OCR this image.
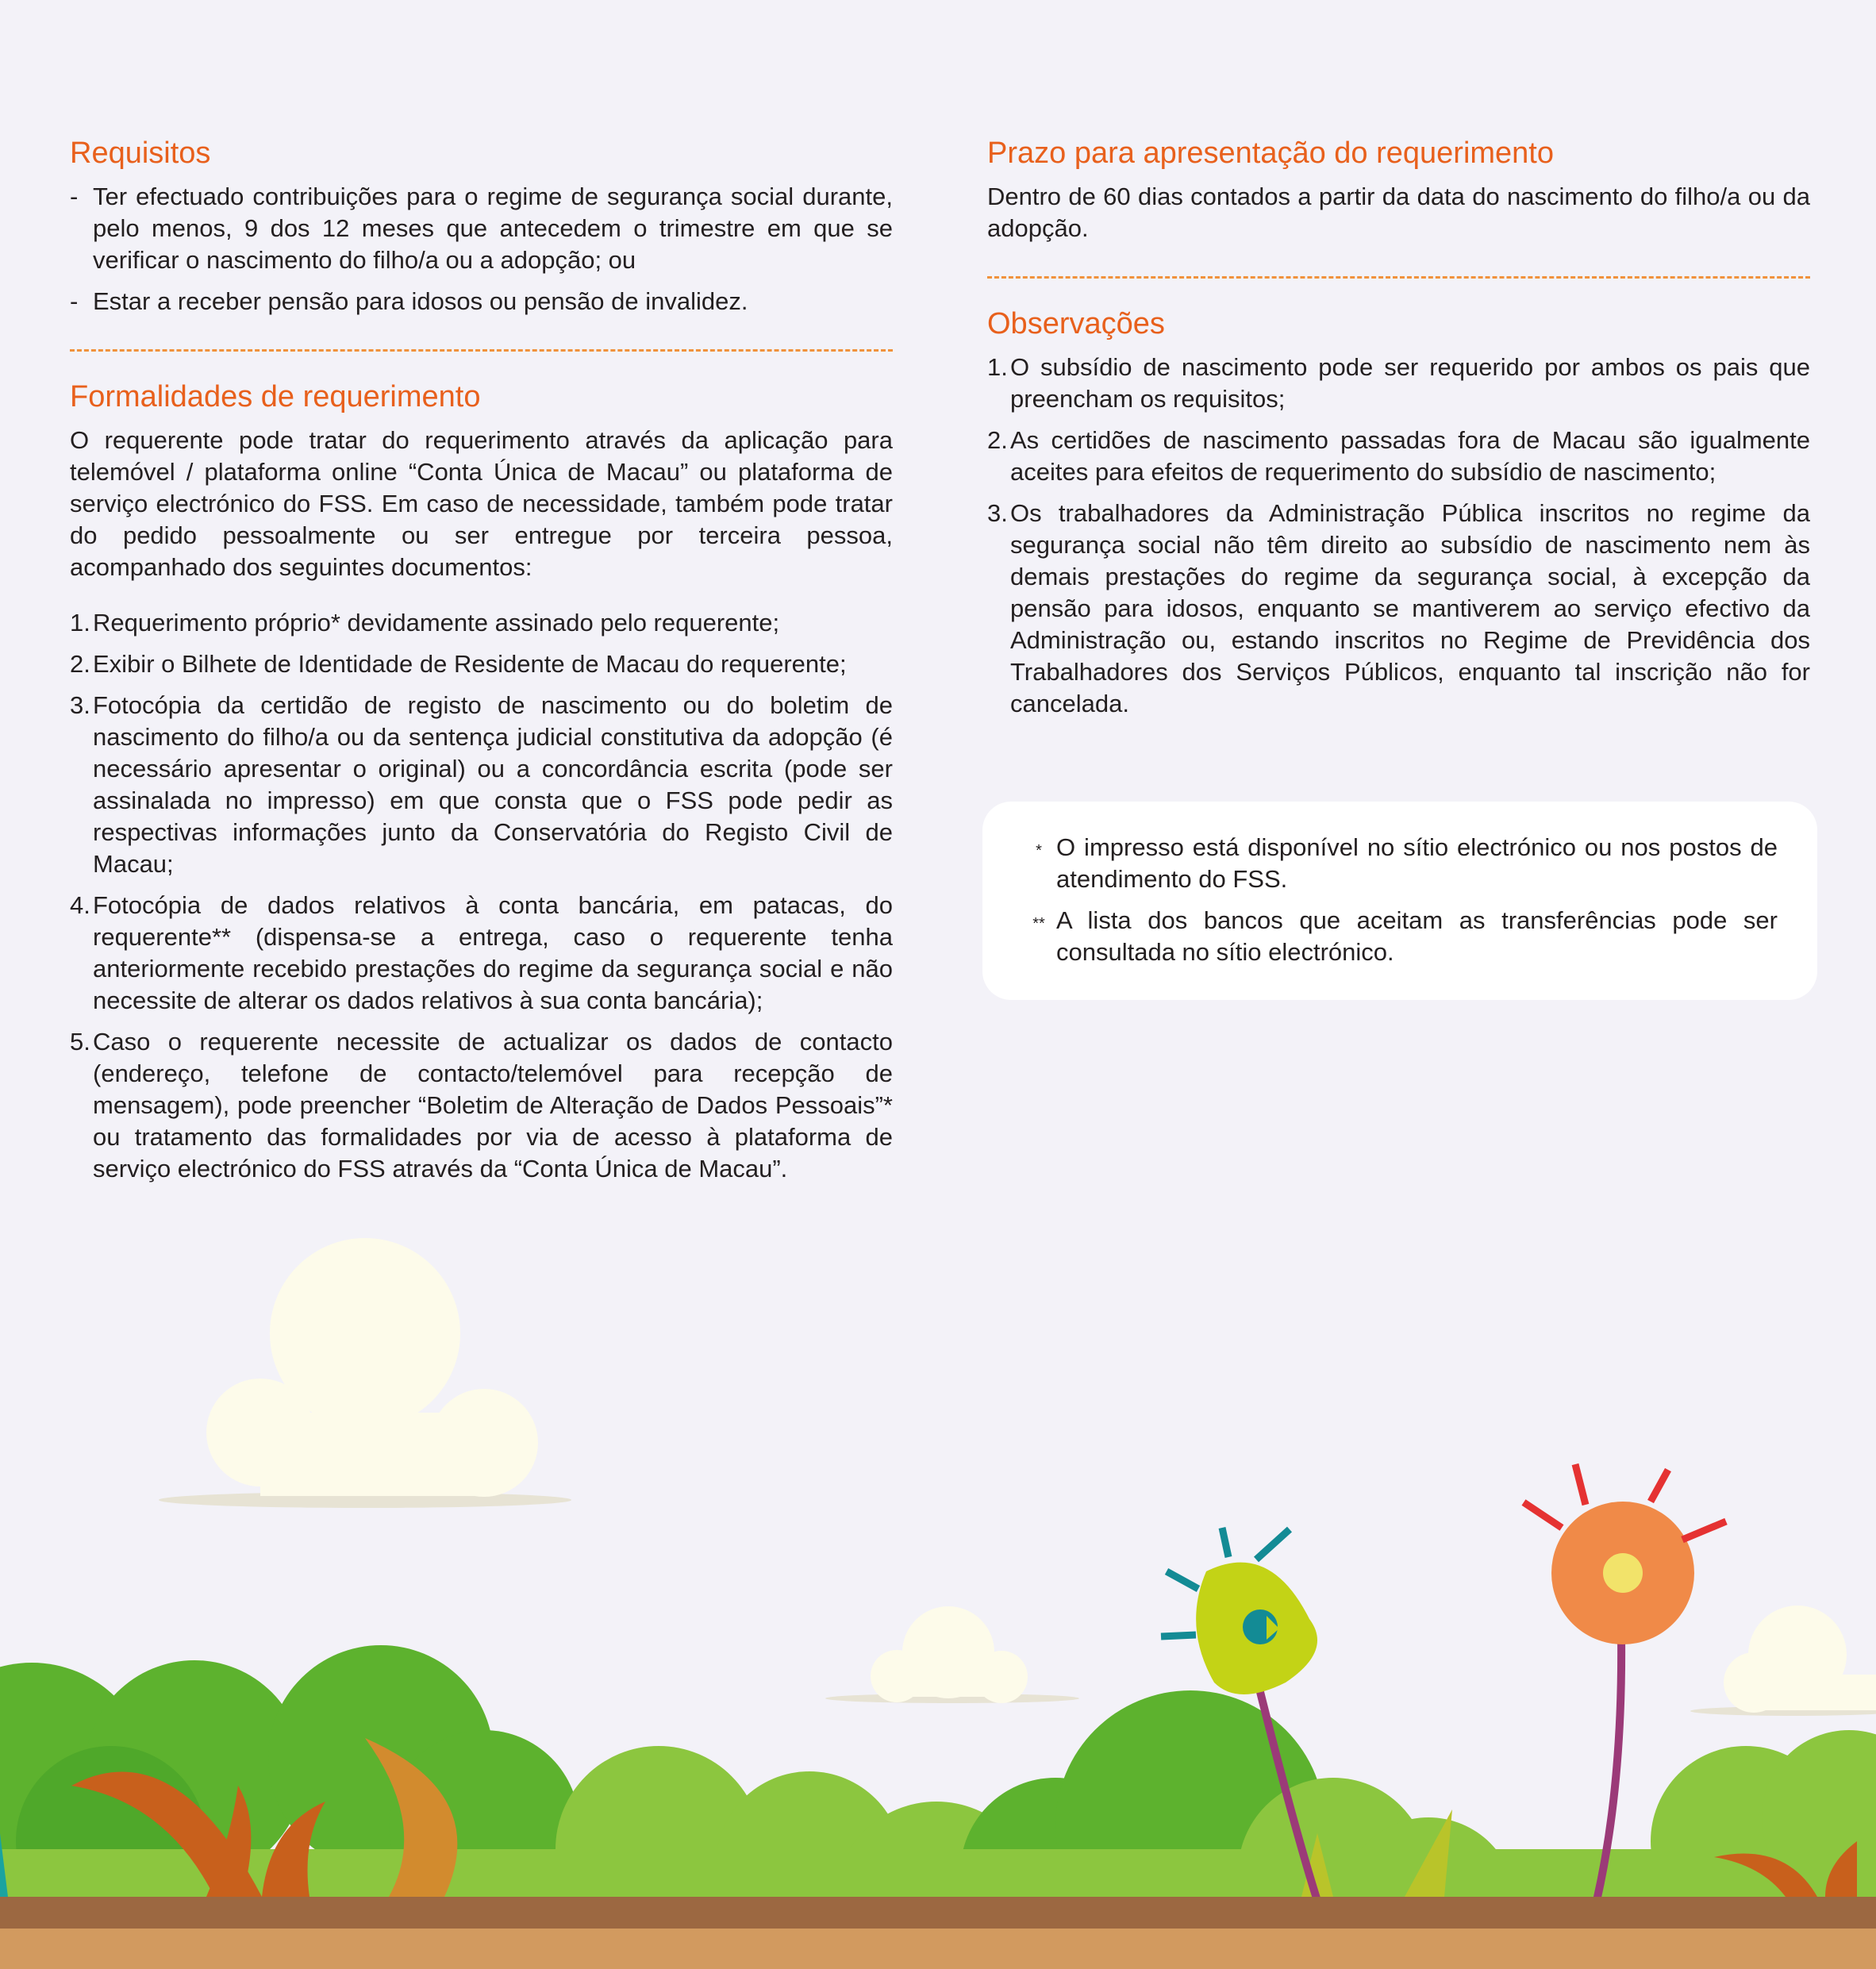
Requisitos
- Ter efectuado contribuições para o regime de segurança social durante, pelo menos, 9 dos 12 meses que antecedem o trimestre em que se verificar o nascimento do filho/a ou a adopção; ou
- Estar a receber pensão para idosos ou pensão de invalidez.
Formalidades de requerimento

O requerente pode tratar do requerimento através da aplicação para telemóvel / plataforma online “Conta Única de Macau” ou plataforma de serviço electrónico do FSS. Em caso de necessidade, também pode tratar do pedido pessoalmente ou ser entregue por terceira pessoa, acompanhado dos seguintes documentos:

1. Requerimento próprio* devidamente assinado pelo requerente;
2. Exibir o Bilhete de Identidade de Residente de Macau do requerente;
3. Fotocópia da certidão de registo de nascimento ou do boletim de nascimento do filho/a ou da sentença judicial constitutiva da adopção (é necessário apresentar o original) ou a concordância escrita (pode ser assinalada no impresso) em que consta que o FSS pode pedir as respectivas informações junto da Conservatória do Registo Civil de Macau;
4. Fotocópia de dados relativos à conta bancária, em patacas, do requerente** (dispensa-se a entrega, caso o requerente tenha anteriormente recebido prestações do regime da segurança social e não necessite de alterar os dados relativos à sua conta bancária);
5. Caso o requerente necessite de actualizar os dados de contacto (endereço, telefone de contacto/telemóvel para recepção de mensagem), pode preencher “Boletim de Alteração de Dados Pessoais”* ou tratamento das formalidades por via de acesso à plataforma de serviço electrónico do FSS através da “Conta Única de Macau”.
Prazo para apresentação do requerimento

Dentro de 60 dias contados a partir da data do nascimento do filho/a ou da adopção.

Observações
1. O subsídio de nascimento pode ser requerido por ambos os pais que preencham os requisitos;
2. As certidões de nascimento passadas fora de Macau são igualmente aceites para efeitos de requerimento do subsídio de nascimento;
3. Os trabalhadores da Administração Pública inscritos no regime da segurança social não têm direito ao subsídio de nascimento nem às demais prestações do regime da segurança social, à excepção da pensão para idosos, enquanto se mantiverem ao serviço efectivo da Administração ou, estando inscritos no Regime de Previdência dos Trabalhadores dos Serviços Públicos, enquanto tal inscrição não for cancelada.
* O impresso está disponível no sítio electrónico ou nos postos de atendimento do FSS.
** A lista dos bancos que aceitam as transferências pode ser consultada no sítio electrónico.
